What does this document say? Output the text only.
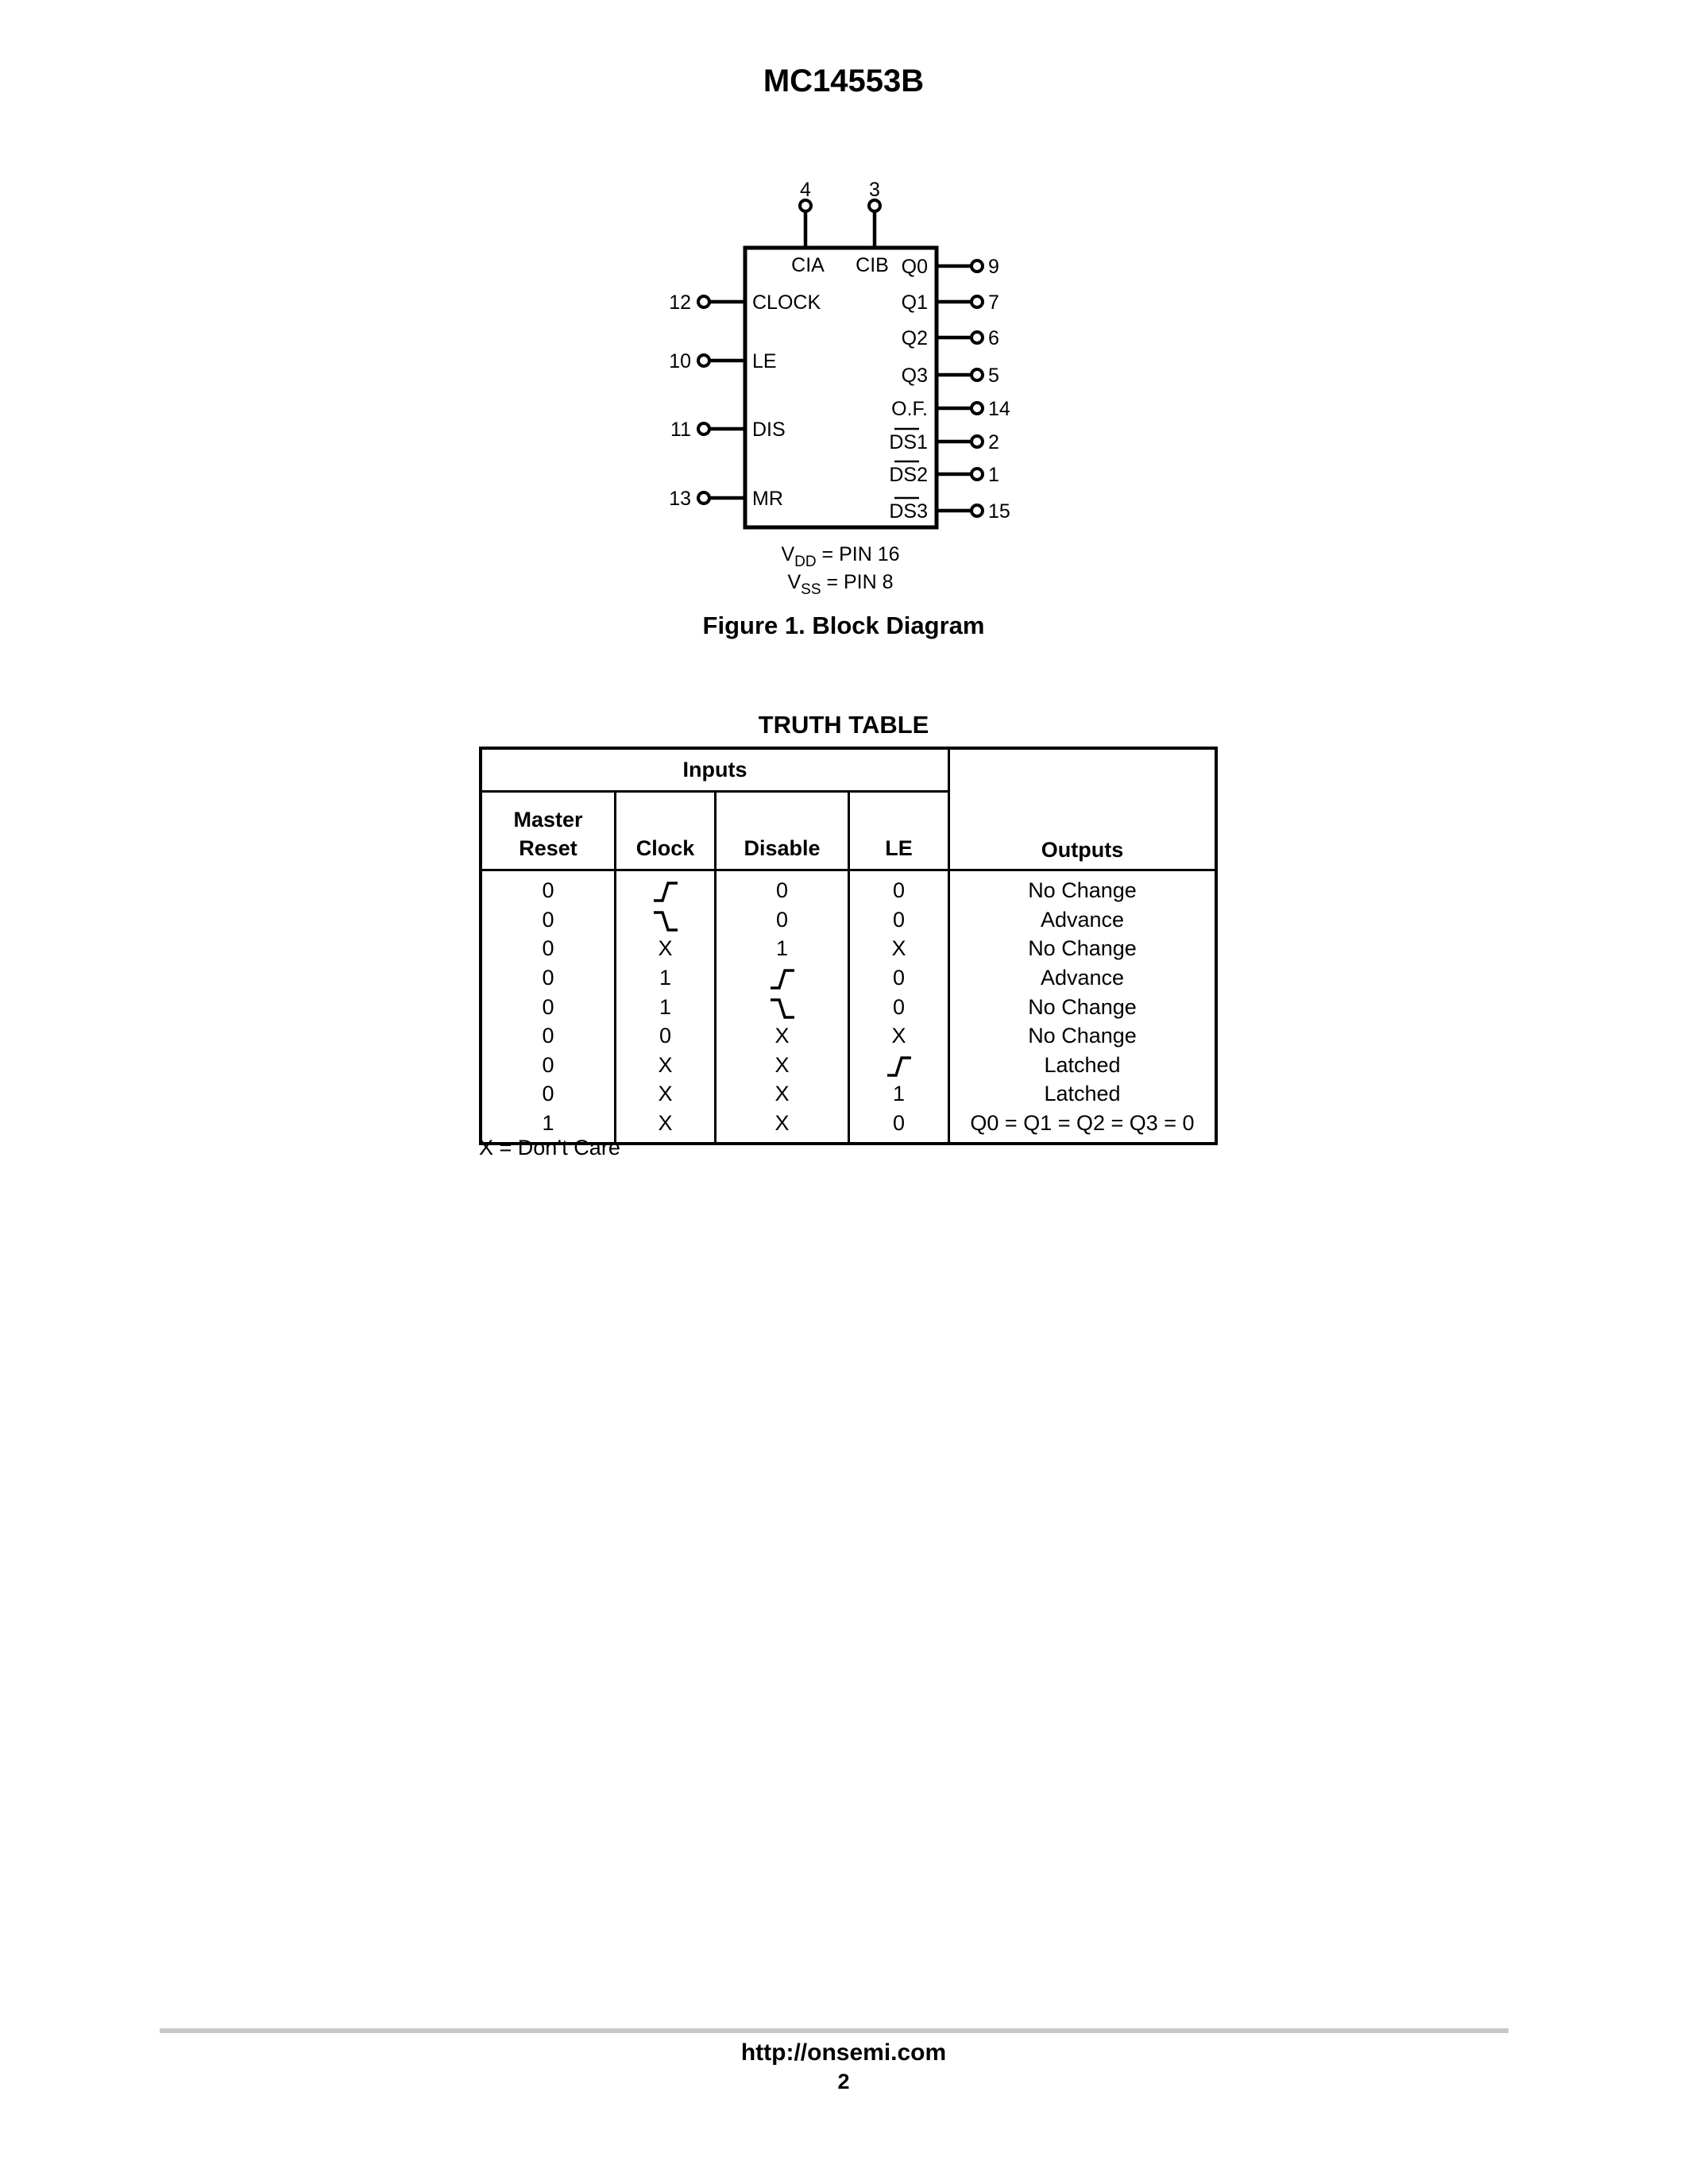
MC14553B
4
CIA
3
CIB
12	CLOCK
10	LE
11	DIS
13	MR
9
Q0
7
Q1
6
Q2
5
Q3
14
O.F.
2
DS1
1
DS2
15
DS3
$V_{DD}$ = PIN 16
$V_{SS}$ = PIN 8
Figure 1. Block Diagram
TRUTH TABLE
Inputs				Outputs

Master Reset	Clock	Disable	LE	
0		0	0	No Change
0		0	0	Advance
0	X	1	X	No Change
0	1		0	Advance
0	1		0	No Change
0	0	X	X	No Change
0	X	X		Latched
0	X	X	1	Latched
1	X	X	0	Q0 = Q1 = Q2 = Q3 = 0
X = Don’t Care
http://onsemi.com
2
